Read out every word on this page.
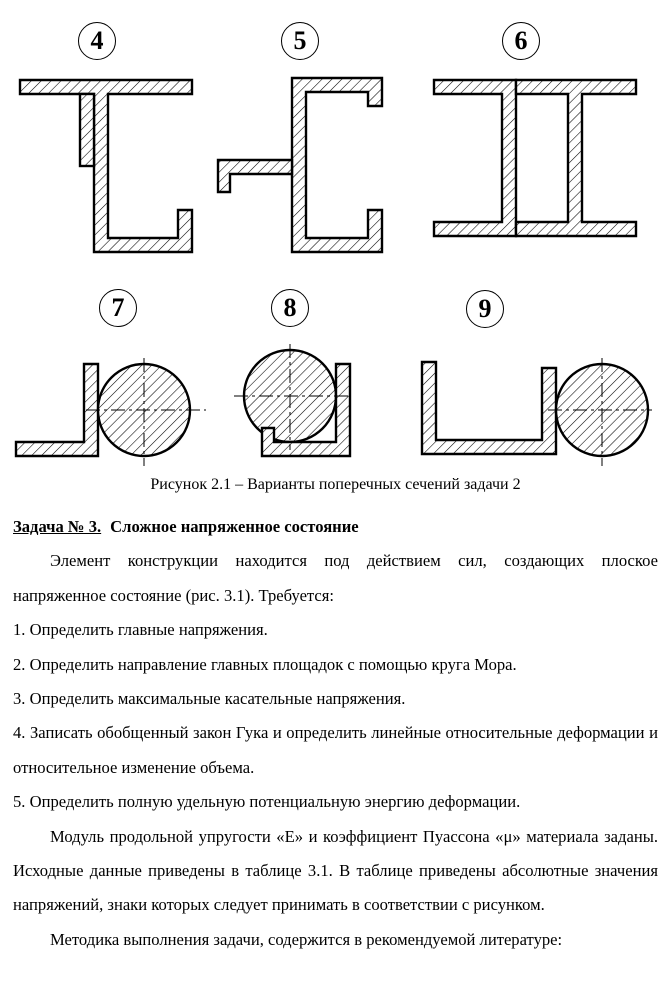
4	5	6
7	8	9
Рисунок 2.1 – Варианты поперечных сечений задачи 2

Задача № 3. Сложное напряженное состояние

Элемент конструкции находится под действием сил, создающих плоское напряженное состояние (рис. 3.1). Требуется:

1. Определить главные напряжения.

2. Определить направление главных площадок с помощью круга Мора.

3. Определить максимальные касательные напряжения.

4. Записать обобщенный закон Гука и определить линейные относительные деформации и относительное изменение объема.

5. Определить полную удельную потенциальную энергию деформации.

Модуль продольной упругости «Е» и коэффициент Пуассона «μ» материала заданы. Исходные данные приведены в таблице 3.1. В таблице приведены абсолютные значения напряжений, знаки которых следует принимать в соответствии с рисунком.

Методика выполнения задачи, содержится в рекомендуемой литературе:
